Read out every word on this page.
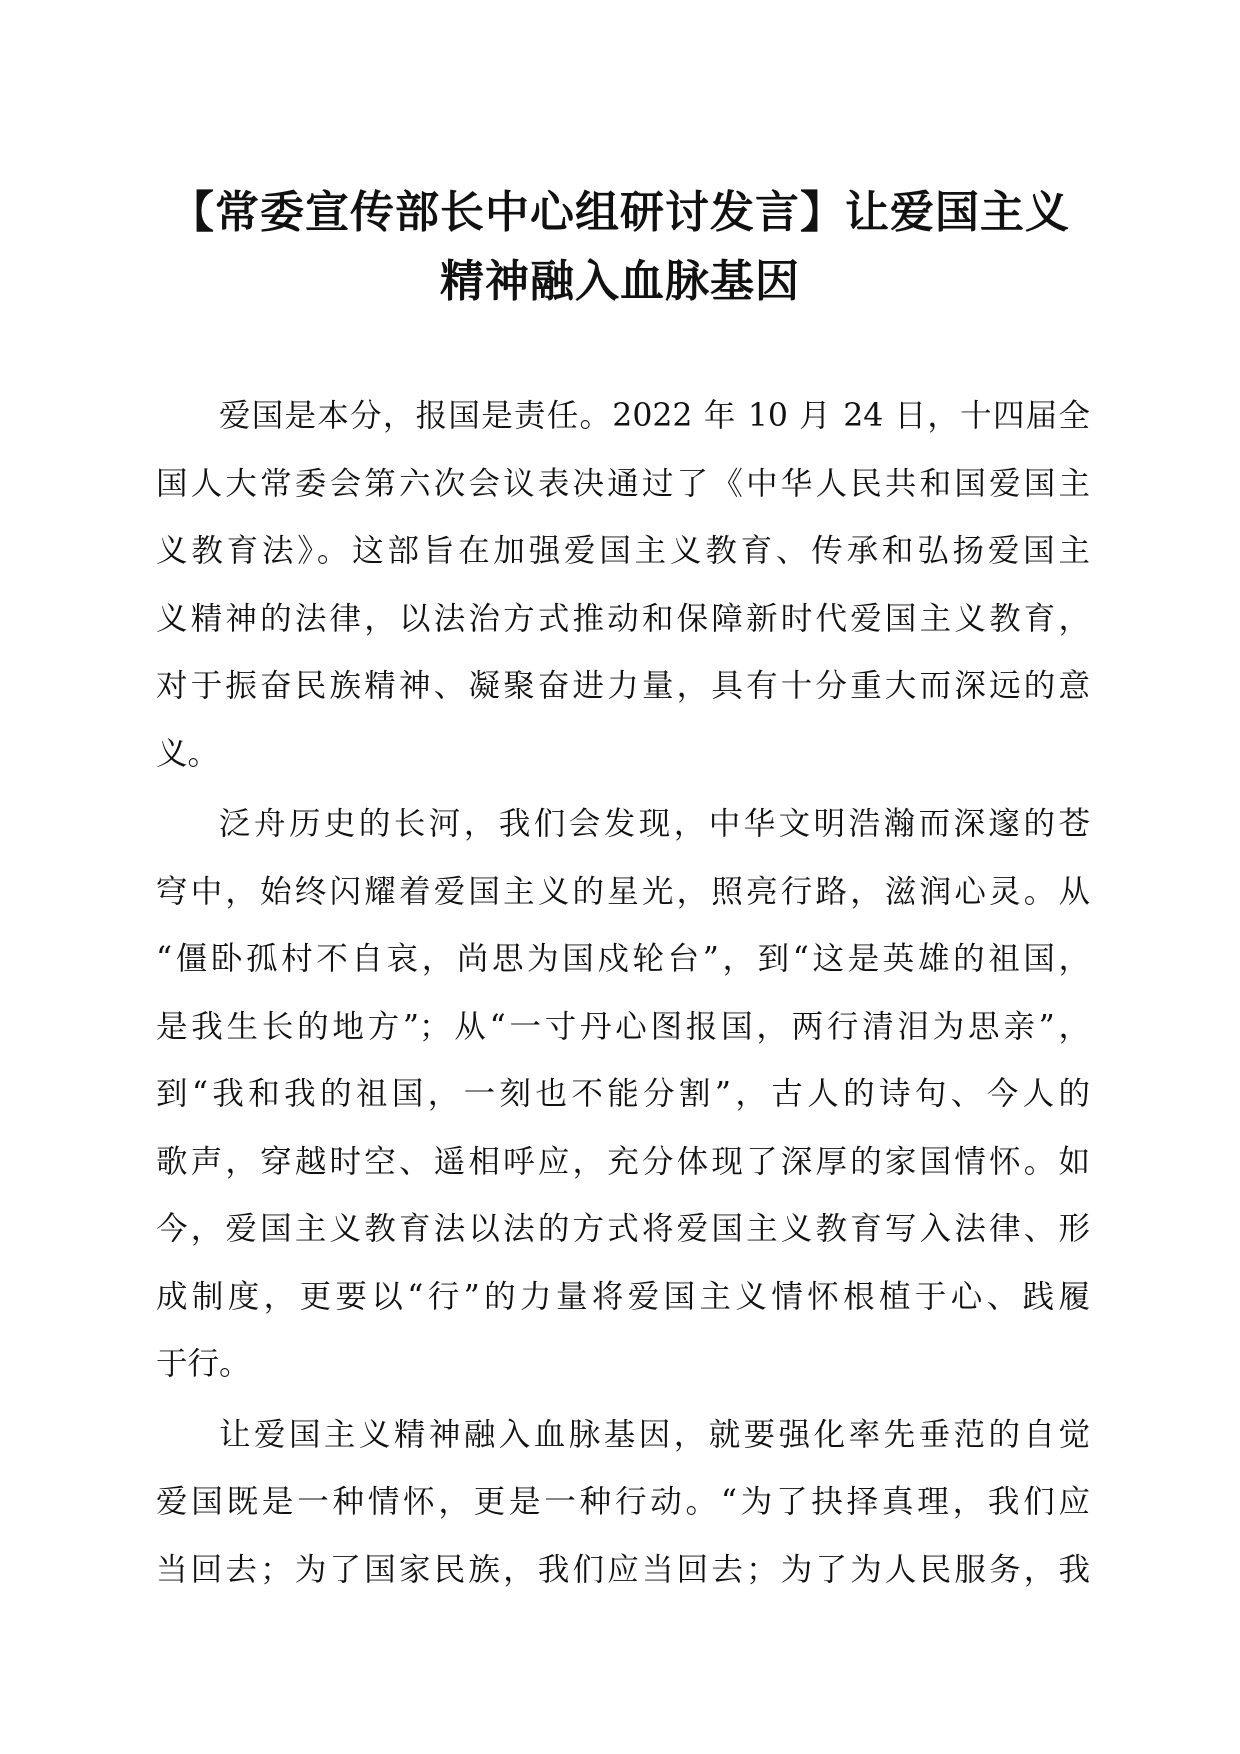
【常委宣传部长中心组研讨发言】让爱国主义
精神融入血脉基因
爱国是本分，报国是责任。2022 年 10 月 24 日，十四届全
国人大常委会第六次会议表决通过了《中华人民共和国爱国主
义教育法》。这部旨在加强爱国主义教育、传承和弘扬爱国主
义精神的法律，以法治方式推动和保障新时代爱国主义教育，
对于振奋民族精神、凝聚奋进力量，具有十分重大而深远的意
义。
泛舟历史的长河，我们会发现，中华文明浩瀚而深邃的苍
穹中，始终闪耀着爱国主义的星光，照亮行路，滋润心灵。从
“僵卧孤村不自哀，尚思为国戍轮台”，到“这是英雄的祖国，
是我生长的地方”；从“一寸丹心图报国，两行清泪为思亲”，
到“我和我的祖国，一刻也不能分割”，古人的诗句、今人的
歌声，穿越时空、遥相呼应，充分体现了深厚的家国情怀。如
今，爱国主义教育法以法的方式将爱国主义教育写入法律、形
成制度，更要以“行”的力量将爱国主义情怀根植于心、践履
于行。
让爱国主义精神融入血脉基因，就要强化率先垂范的自觉
爱国既是一种情怀，更是一种行动。“为了抉择真理，我们应
当回去；为了国家民族，我们应当回去；为了为人民服务，我
